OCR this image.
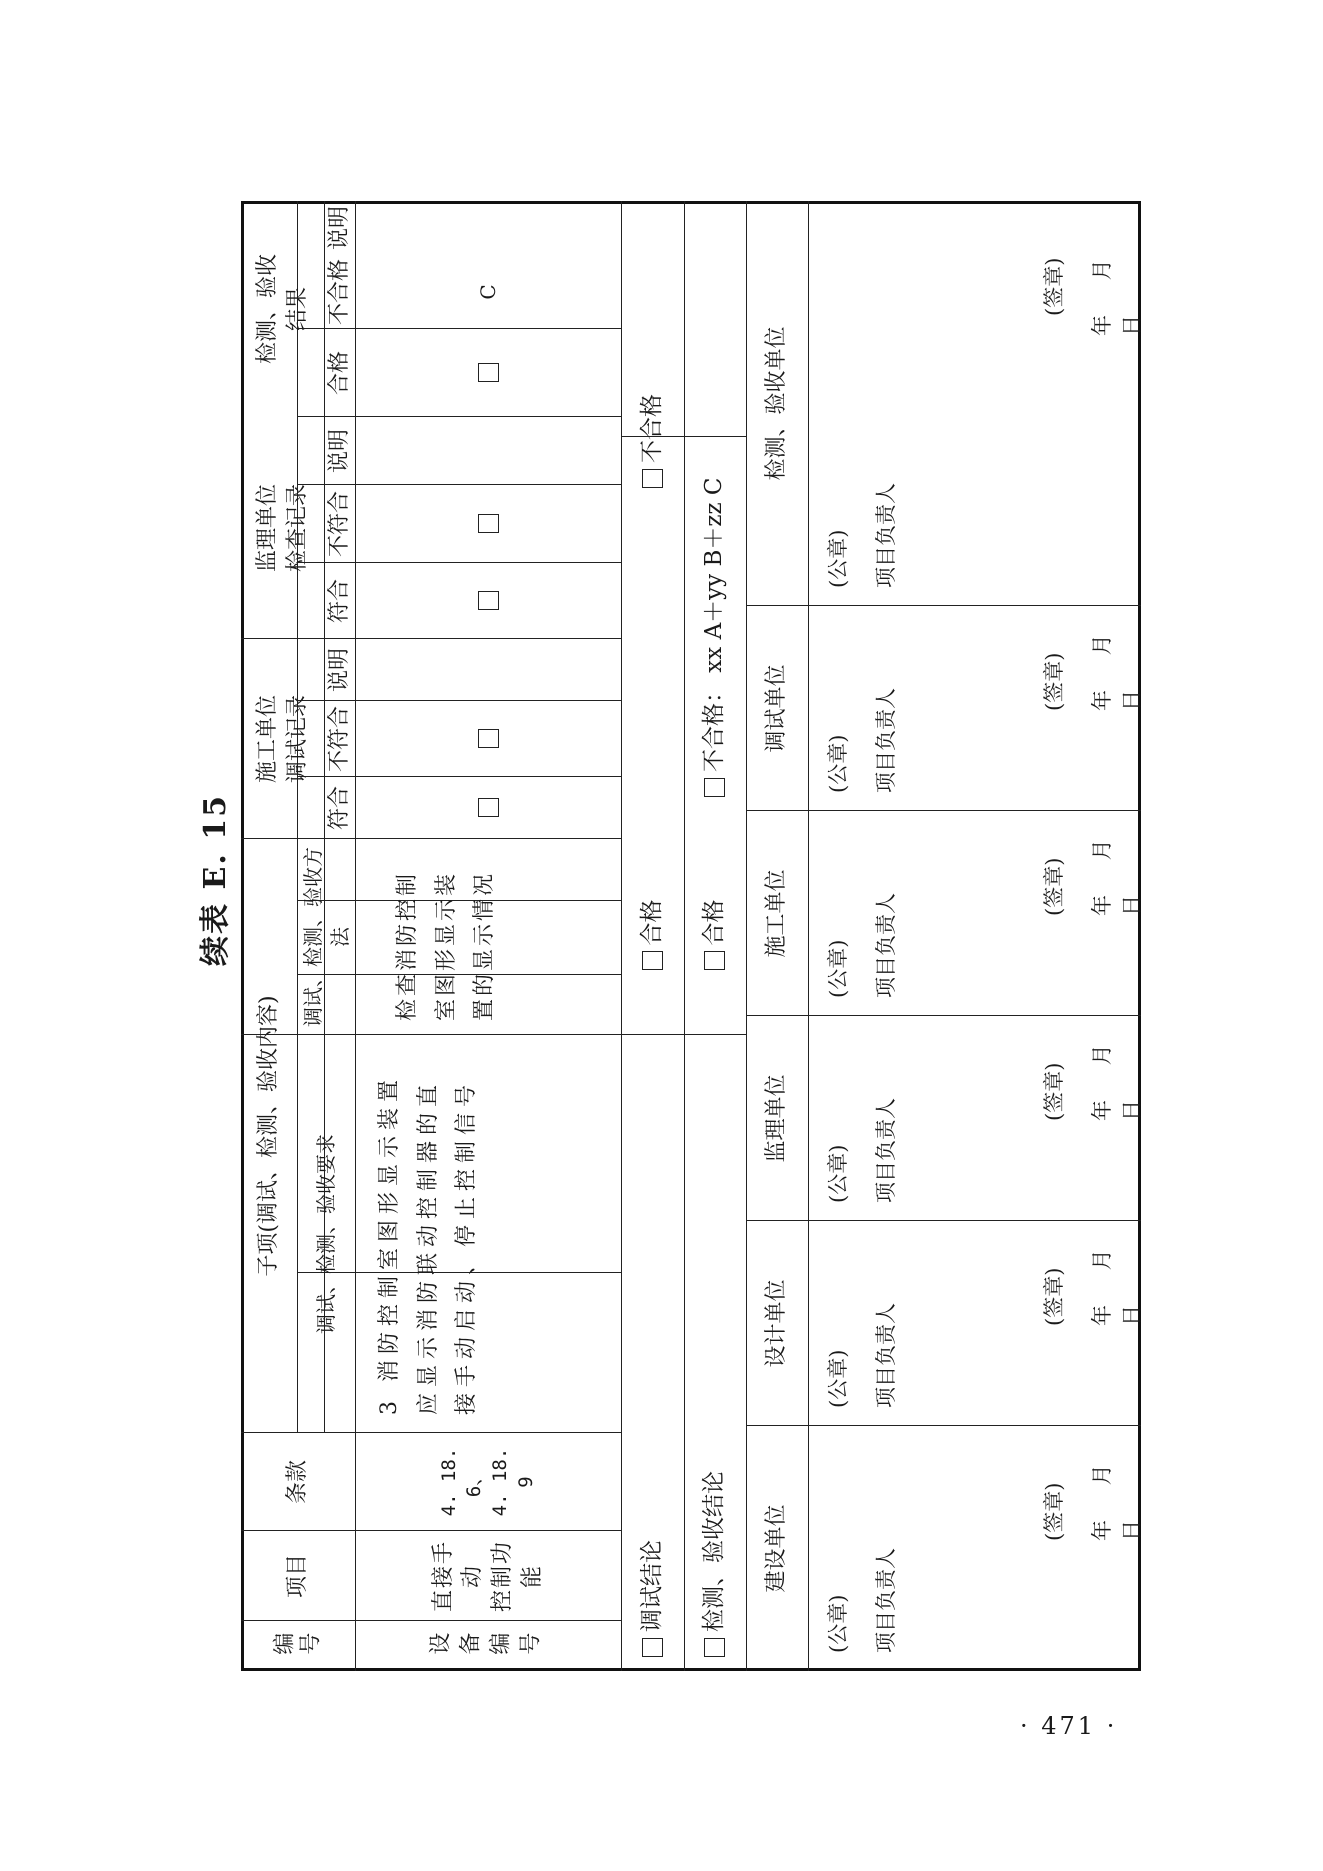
续表 E. 15
编号
项目
条款
子项(调试、检测、验收内容)	调试、检测、验收要求
调试、检测、验收方法
施工单位
调试记录
符合
不符合
说明
监理单位
检查记录
符合
不符合
说明
检测、验收
结果
合格
不合格
说明
设备编号
直接手动
控制功能
4. 18. 6、
4. 18. 9
3 消防控制室图形显示装置应显示消防联动控制器的直接手动启动、停止控制信号
检查消防控制室图形显示装置的显示情况
C
调试结论
合格
不合格
检测、验收结论
合格
不合格： xx A＋yy B＋zz C
建设单位
设计单位
监理单位
施工单位
调试单位
检测、验收单位
(公章) 项目负责人
(签章) 年 月 日
(公章) 项目负责人
(签章) 年 月 日
(公章) 项目负责人
(签章) 年 月 日
(公章) 项目负责人
(签章) 年 月 日
(公章) 项目负责人
(签章) 年 月 日
(公章) 项目负责人
(签章) 年 月 日
· 471 ·
